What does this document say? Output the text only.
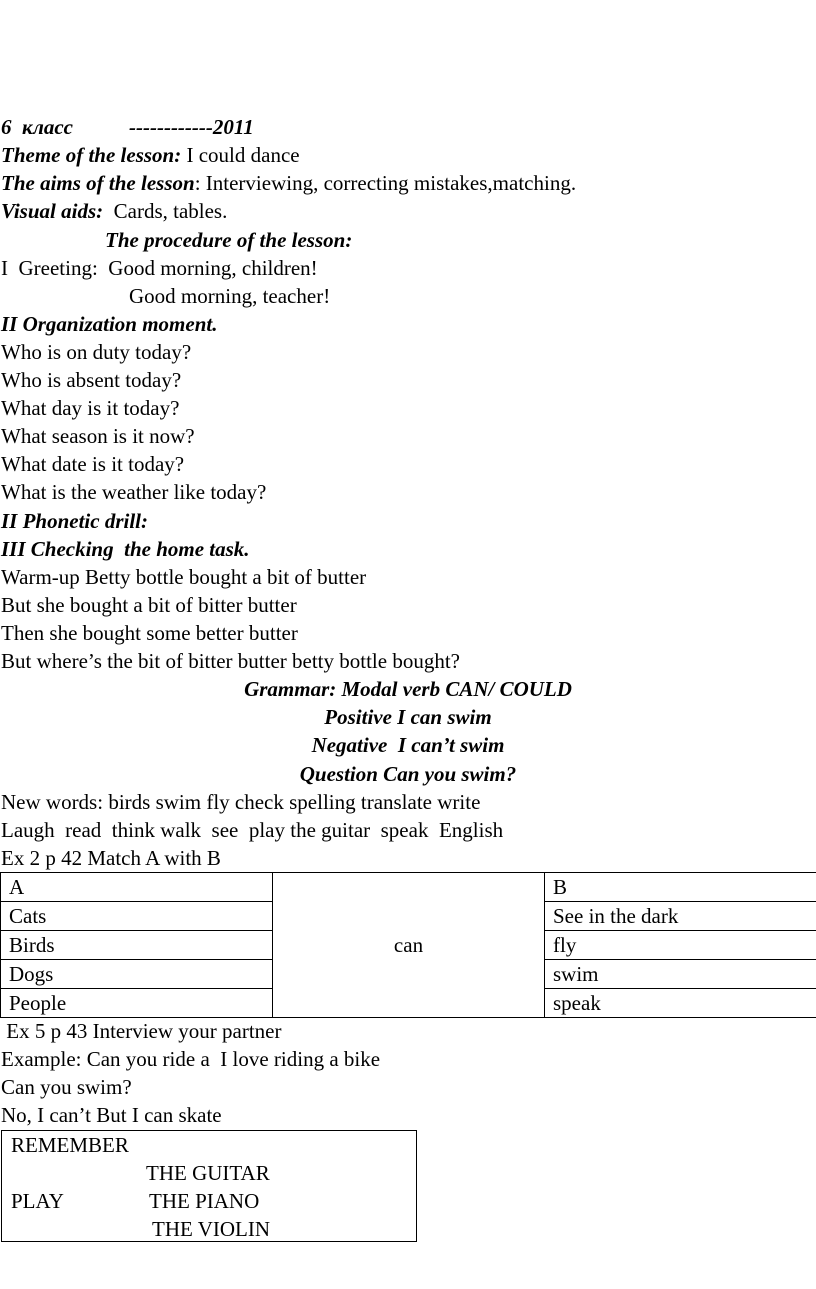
6  класс	------------2011
Theme of the lesson: I could dance
The aims of the lesson: Interviewing, correcting mistakes,matching.
Visual aids:  Cards, tables.
The procedure of the lesson:
I  Greeting:  Good morning, children!
Good morning, teacher!
II Organization moment.
Who is on duty today?
Who is absent today?
What day is it today?
What season is it now?
What date is it today?
What is the weather like today?
II Phonetic drill:
III Checking  the home task.
Warm-up Betty bottle bought a bit of butter
But she bought a bit of bitter butter
Then she bought some better butter
But where’s the bit of bitter butter betty bottle bought?
Grammar: Modal verb CAN/ COULD
Positive I can swim
Negative  I can’t swim
Question Can you swim?
New words: birds swim fly check spelling translate write
Laugh  read  think walk  see  play the guitar  speak  English
Ex 2 p 42 Match A with B
A	can	B
Cats		See in the dark
Birds		fly
Dogs		swim
People		speak
Ex 5 p 43 Interview your partner
Example: Can you ride a  I love riding a bike
Can you swim?
No, I can’t But I can skate
REMEMBER
THE GUITAR
PLAY	THE PIANO
THE VIOLIN
